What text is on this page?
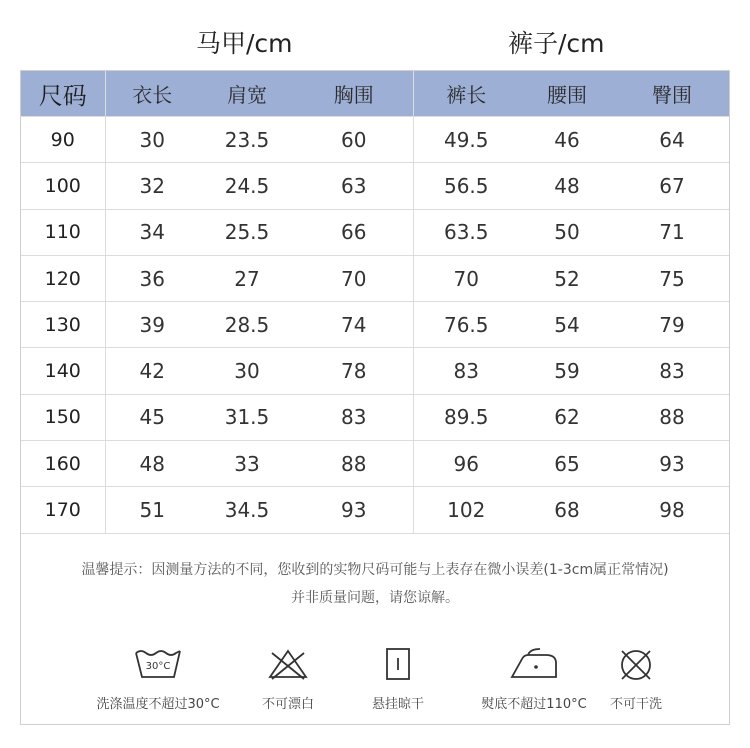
马甲/cm	裤子/cm
尺码	衣长	肩宽	胸围	裤长	腰围	臀围
90	30	23.5	60	49.5	46	64
100	32	24.5	63	56.5	48	67
110	34	25.5	66	63.5	50	71
120	36	27	70	70	52	75
130	39	28.5	74	76.5	54	79
140	42	30	78	83	59	83
150	45	31.5	83	89.5	62	88
160	48	33	88	96	65	93
170	51	34.5	93	102	68	98
温馨提示：因测量方法的不同，您收到的实物尺码可能与上表存在微小误差(1-3cm属正常情况)
并非质量问题，请您谅解。
30°C
洗涤温度不超过30°C	不可漂白	悬挂晾干	熨底不超过110°C	不可干洗
